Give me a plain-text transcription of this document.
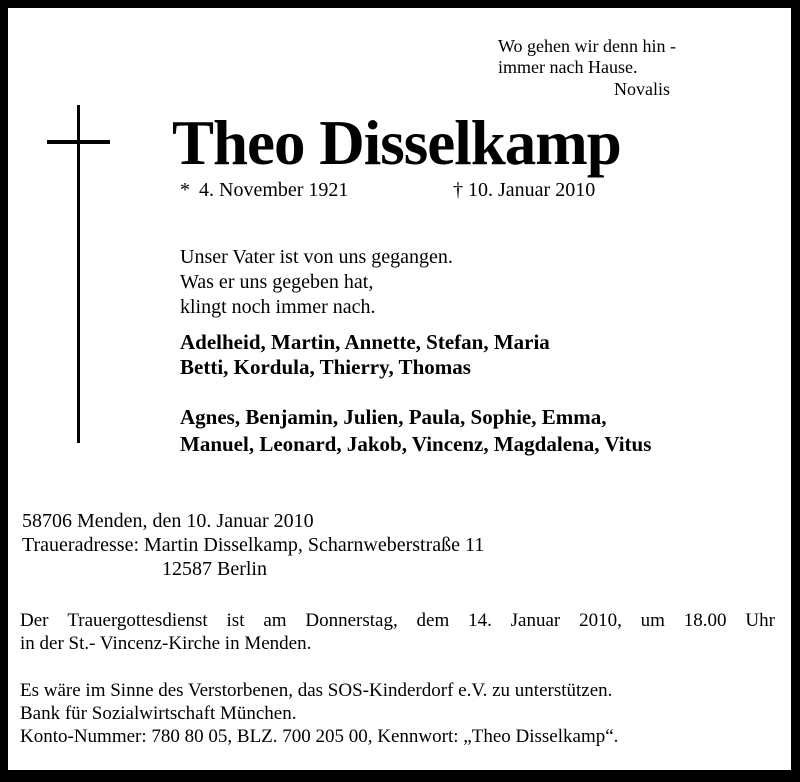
Wo gehen wir denn hin -
immer nach Hause.
Novalis
Theo Disselkamp
* 4. November 1921	† 10. Januar 2010
Unser Vater ist von uns gegangen.
Was er uns gegeben hat,
klingt noch immer nach.
Adelheid, Martin, Annette, Stefan, Maria
Betti, Kordula, Thierry, Thomas
Agnes, Benjamin, Julien, Paula, Sophie, Emma,
Manuel, Leonard, Jakob, Vincenz, Magdalena, Vitus
58706 Menden, den 10. Januar 2010
Traueradresse: Martin Disselkamp, Scharnweberstraße 11
12587 Berlin
Der Trauergottesdienst ist am Donnerstag, dem 14. Januar 2010, um 18.00 Uhr
in der St.- Vincenz-Kirche in Menden.
Es wäre im Sinne des Verstorbenen, das SOS-Kinderdorf e.V. zu unterstützen.
Bank für Sozialwirtschaft München.
Konto-Nummer: 780 80 05, BLZ. 700 205 00, Kennwort: „Theo Disselkamp“.
